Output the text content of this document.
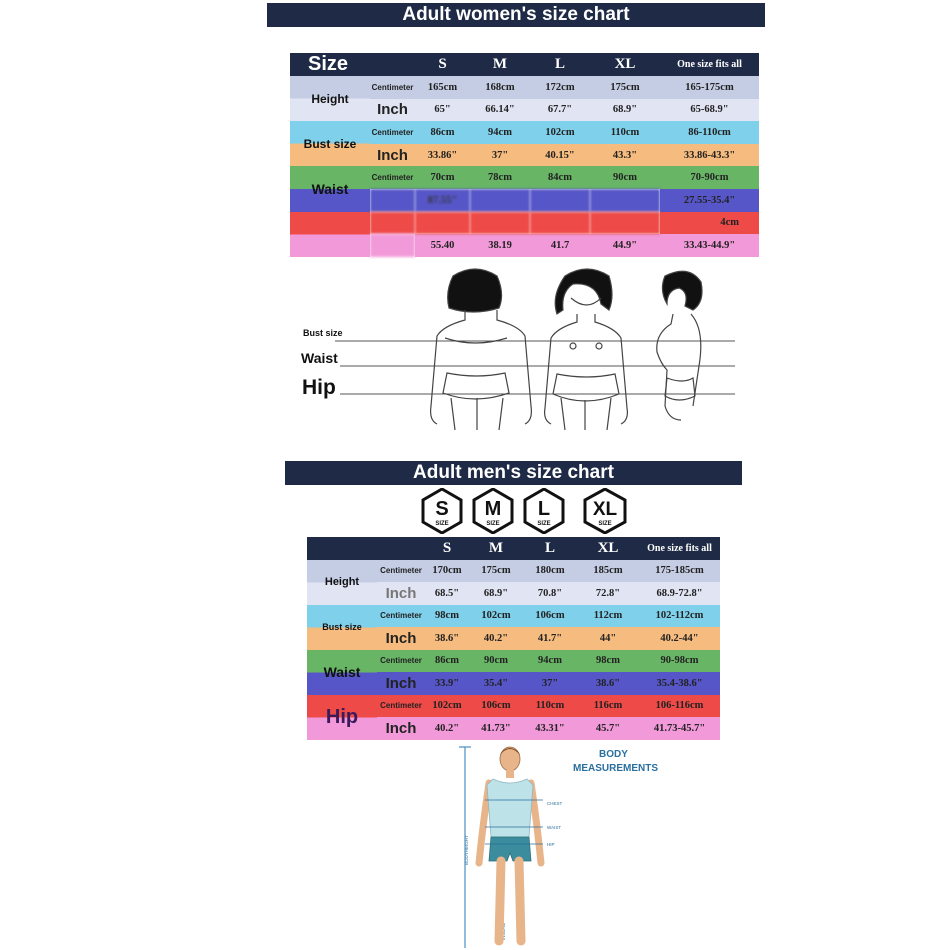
Adult women's size chart
Size		S	M	L	XL	One size fits all
Height	Centimeter	165cm	168cm	172cm	175cm	165-175cm
	Inch	65"	66.14"	67.7"	68.9"	65-68.9"
Bust size	Centimeter	86cm	94cm	102cm	110cm	86-110cm
	Inch	33.86"	37"	40.15"	43.3"	33.86-43.3"
Waist	Centimeter	70cm	78cm	84cm	90cm	70-90cm
		87.55"				27.55-35.4"
						4cm
		55.40	38.19	41.7	44.9"	33.43-44.9"
Bust size
Waist
Hip
Adult men's size chart
S
SIZE
M
SIZE
L
SIZE
XL
SIZE
		S	M	L	XL	One size fits all
Height	Centimeter	170cm	175cm	180cm	185cm	175-185cm
	Inch	68.5"	68.9"	70.8"	72.8"	68.9-72.8"
Bust size	Centimeter	98cm	102cm	106cm	112cm	102-112cm
	Inch	38.6"	40.2"	41.7"	44"	40.2-44"
Waist	Centimeter	86cm	90cm	94cm	98cm	90-98cm
	Inch	33.9"	35.4"	37"	38.6"	35.4-38.6"
Hip	Centimeter	102cm	106cm	110cm	116cm	106-116cm
	Inch	40.2"	41.73"	43.31"	45.7"	41.73-45.7"
BODYHEIGHT
INSEAM
CHEST
WAIST
HIP
BODY
MEASUREMENTS
